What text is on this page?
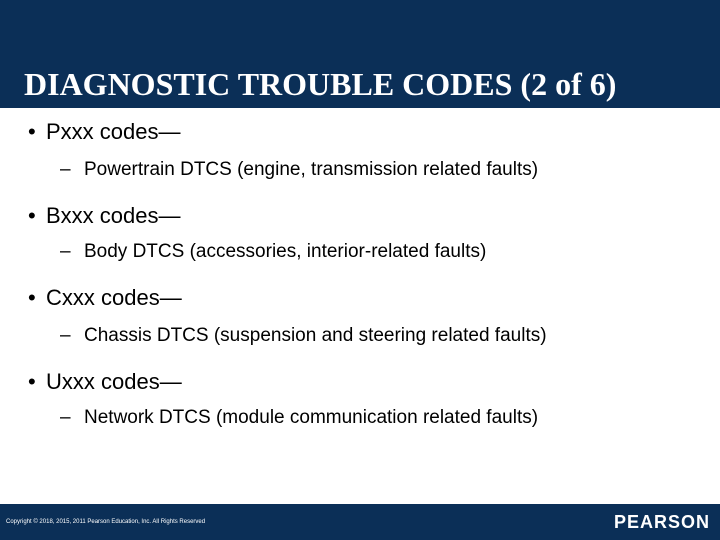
DIAGNOSTIC TROUBLE CODES (2 of 6)
• Pxxx codes—
– Powertrain DTCS (engine, transmission related faults)
• Bxxx codes—
– Body DTCS (accessories, interior-related faults)
• Cxxx codes—
– Chassis DTCS (suspension and steering related faults)
• Uxxx codes—
– Network DTCS (module communication related faults)
Copyright © 2018, 2015, 2011 Pearson Education, Inc. All Rights Reserved	PEARSON
